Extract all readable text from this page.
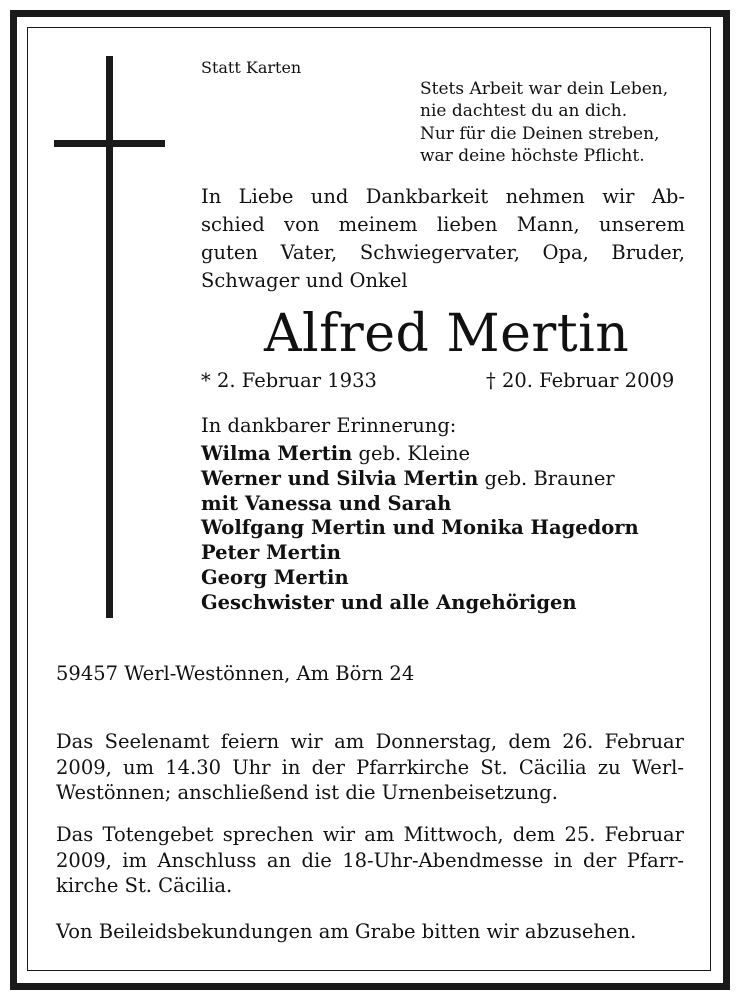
Statt Karten

Stets Arbeit war dein Leben,
nie dachtest du an dich.
Nur für die Deinen streben,
war deine höchste Pflicht.
In Liebe und Dankbarkeit nehmen wir Ab-
schied von meinem lieben Mann, unserem
guten Vater, Schwiegervater, Opa, Bruder,
Schwager und Onkel

Alfred Mertin

* 2. Februar 1933	† 20. Februar 2009

In dankbarer Erinnerung:

Wilma Mertin geb. Kleine
Werner und Silvia Mertin geb. Brauner
mit Vanessa und Sarah
Wolfgang Mertin und Monika Hagedorn
Peter Mertin
Georg Mertin
Geschwister und alle Angehörigen

59457 Werl-Westönnen, Am Börn 24

Das Seelenamt feiern wir am Donnerstag, dem 26. Februar
2009, um 14.30 Uhr in der Pfarrkirche St. Cäcilia zu Werl-
Westönnen; anschließend ist die Urnenbeisetzung.
Das Totengebet sprechen wir am Mittwoch, dem 25. Februar
2009, im Anschluss an die 18-Uhr-Abendmesse in der Pfarr-
kirche St. Cäcilia.

Von Beileidsbekundungen am Grabe bitten wir abzusehen.
